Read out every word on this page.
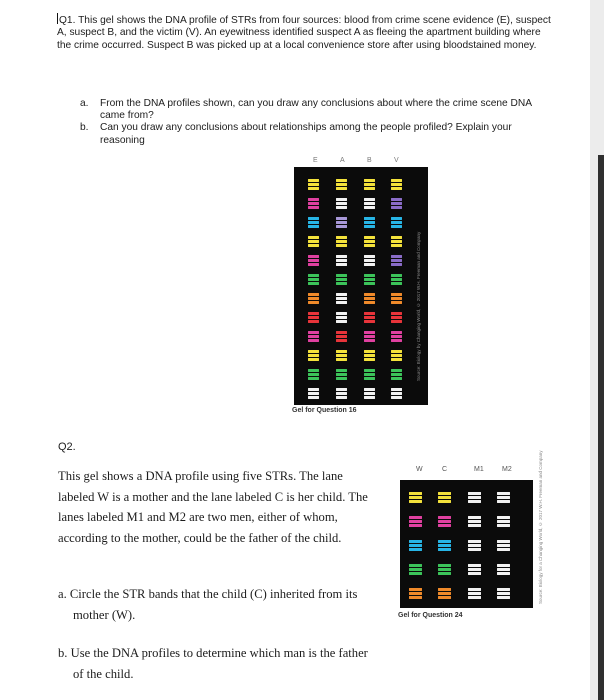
Q1. This gel shows the DNA profile of STRs from four sources: blood from crime scene evidence (E), suspect A, suspect B, and the victim (V). An eyewitness identified suspect A as fleeing the apartment building where the crime occurred. Suspect B was picked up at a local convenience store after using bloodstained money.
a. From the DNA profiles shown, can you draw any conclusions about where the crime scene DNA came from?
b. Can you draw any conclusions about relationships among the people profiled? Explain your reasoning
E	A	B	V
Source: Biology by Changing World, © 2017 W.H. Freeman and Company
Gel for Question 16
Q2.
This gel shows a DNA profile using five STRs. The lane labeled W is a mother and the lane labeled C is her child. The lanes labeled M1 and M2 are two men, either of whom, according to the mother, could be the father of the child.
a. Circle the STR bands that the child (C) inherited from its mother (W).
b. Use the DNA profiles to determine which man is the father of the child.
W	C	M1	M2	Source: Biology for a Changing World, © 2017 W.H. Freeman and Company
Gel for Question 24
